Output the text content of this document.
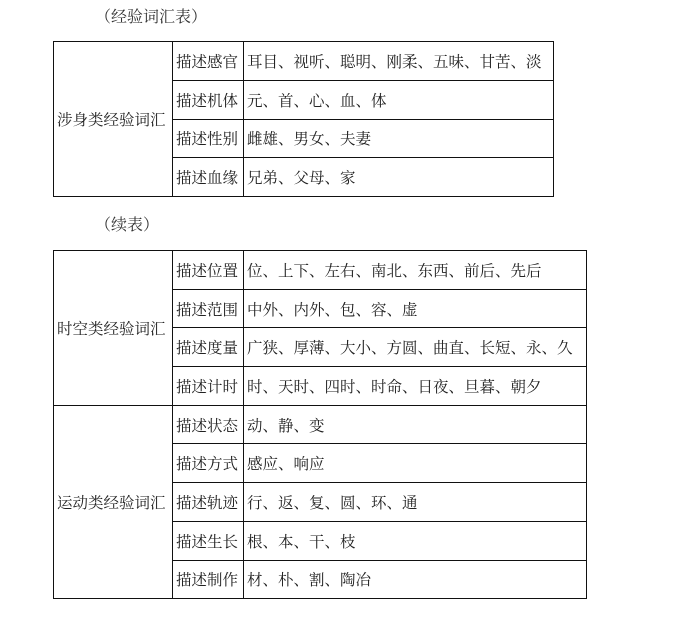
（经验词汇表）
涉身类经验词汇	描述感官	耳目、视听、聪明、刚柔、五味、甘苦、淡
	描述机体	元、首、心、血、体
	描述性别	雌雄、男女、夫妻
	描述血缘	兄弟、父母、家
（续表）
时空类经验词汇	描述位置	位、上下、左右、南北、东西、前后、先后
	描述范围	中外、内外、包、容、虚
	描述度量	广狭、厚薄、大小、方圆、曲直、长短、永、久
	描述计时	时、天时、四时、时命、日夜、旦暮、朝夕
运动类经验词汇	描述状态	动、静、变
	描述方式	感应、响应
	描述轨迹	行、返、复、圆、环、通
	描述生长	根、本、干、枝
	描述制作	材、朴、割、陶冶
